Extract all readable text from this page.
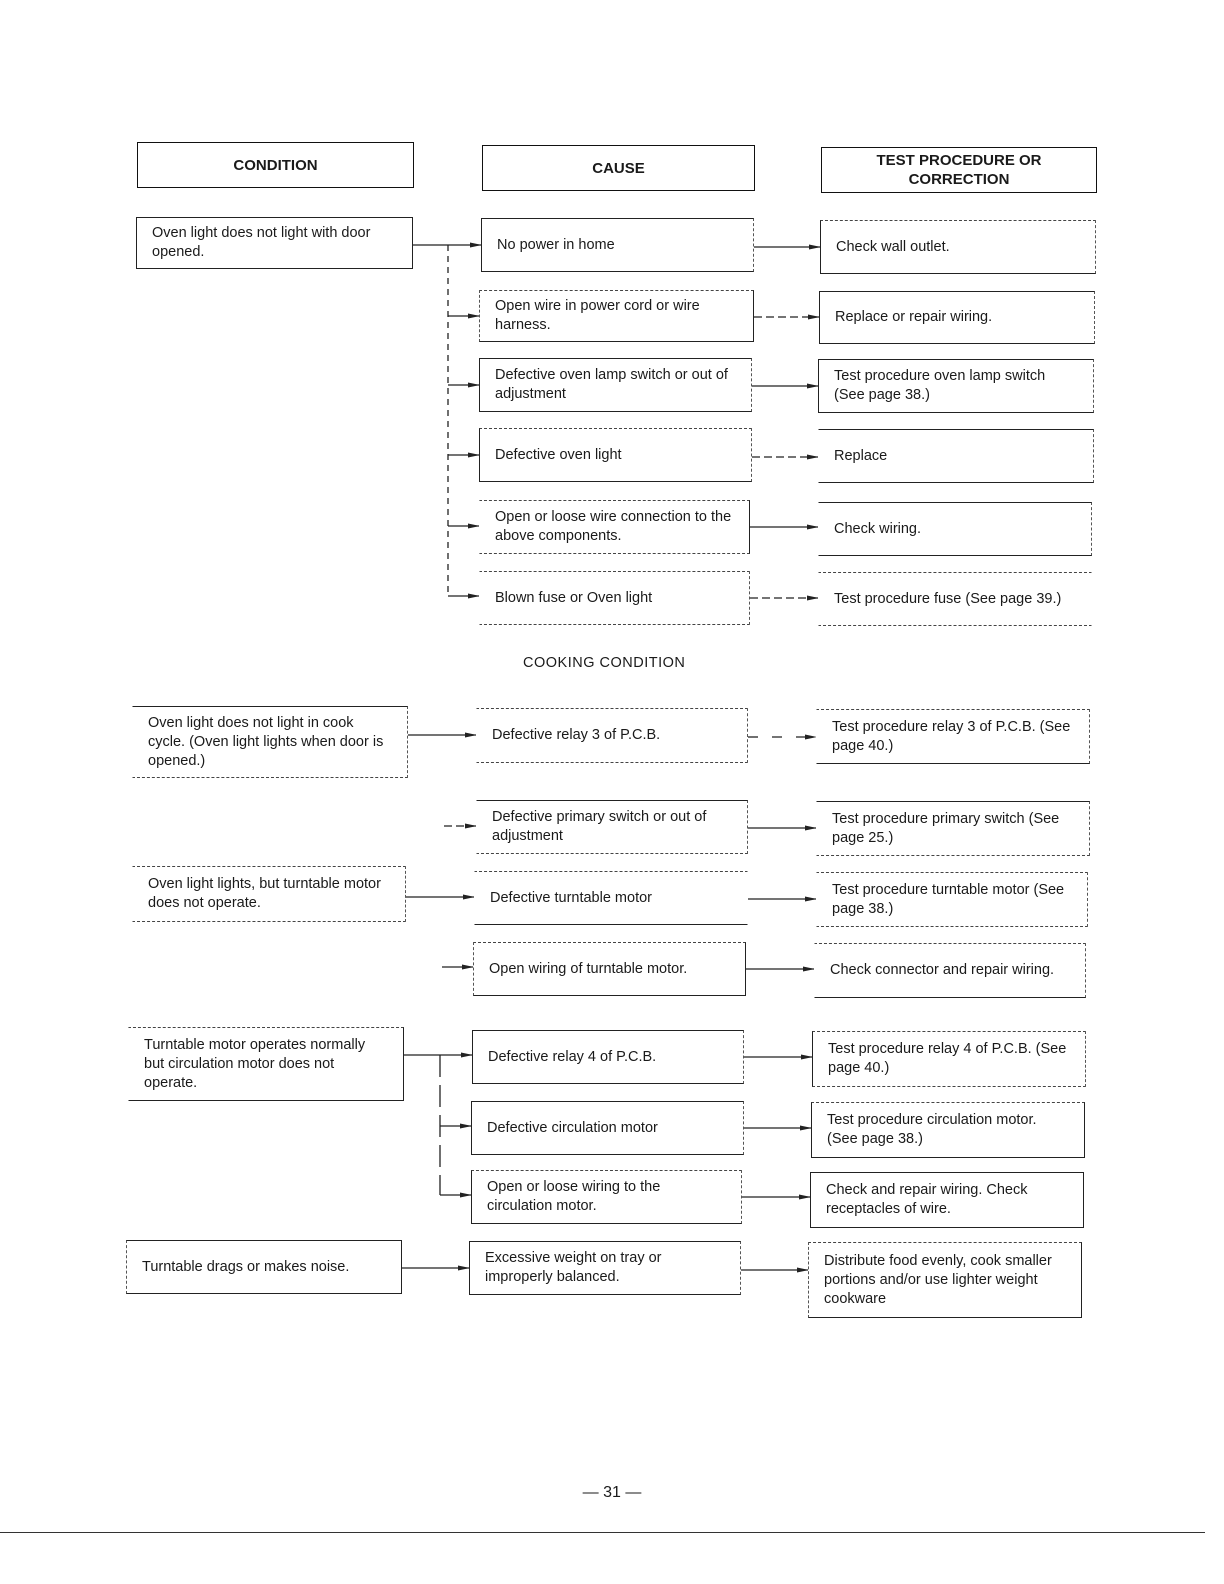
CONDITION	CAUSE	TEST PROCEDURE OR CORRECTION
Oven light does not light with door opened.
Oven light does not light in cook cycle. (Oven light lights when door is opened.)
Oven light lights, but turntable motor does not operate.
Turntable motor operates normally but circulation motor does not operate.
Turntable drags or makes noise.
No power in home
Open wire in power cord or wire harness.
Defective oven lamp switch or out of adjustment
Defective oven light
Open or loose wire connection to the above components.
Blown fuse or Oven light
Defective relay 3 of P.C.B.
Defective primary switch or out of adjustment
Defective turntable motor
Open wiring of turntable motor.
Defective relay 4 of P.C.B.
Defective circulation motor
Open or loose wiring to the circulation motor.
Excessive weight on tray or improperly balanced.
Check wall outlet.
Replace or repair wiring.
Test procedure oven lamp switch (See page 38.)
Replace
Check wiring.
Test procedure fuse (See page 39.)
Test procedure relay 3 of P.C.B. (See page 40.)
Test procedure primary switch (See page 25.)
Test procedure turntable motor (See page 38.)
Check connector and repair wiring.
Test procedure relay 4 of P.C.B. (See page 40.)
Test procedure circulation motor. (See page 38.)
Check and repair wiring. Check receptacles of wire.
Distribute food evenly, cook smaller portions and/or use lighter weight cookware
COOKING CONDITION
— 31 —
